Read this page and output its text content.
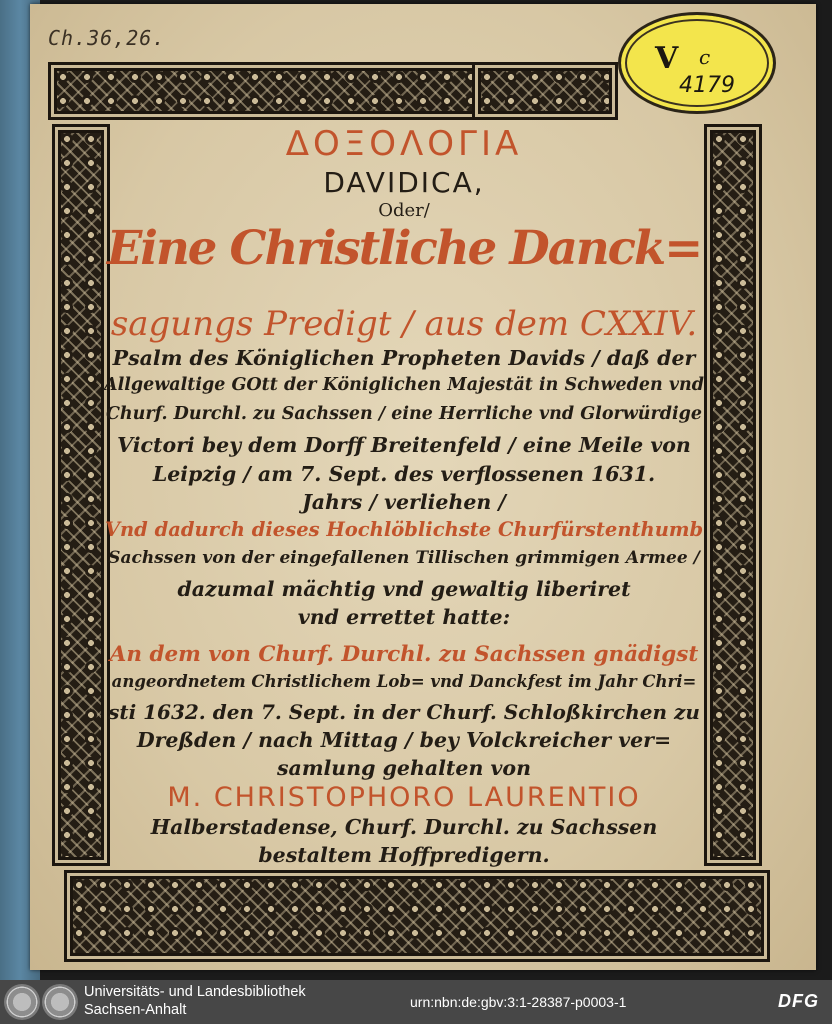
Ch.36,26.
V c
4179
ΔΟΞΟΛΟΓΙΑ
DAVIDICA,
Oder/
Eine Christliche Danck=
sagungs Predigt / aus dem CXXIV.
Psalm des Königlichen Propheten Davids / daß der
Allgewaltige GOtt der Königlichen Majestät in Schweden vnd
Churf. Durchl. zu Sachssen / eine Herrliche vnd Glorwürdige
Victori bey dem Dorff Breitenfeld / eine Meile von
Leipzig / am 7. Sept. des verflossenen 1631.
Jahrs / verliehen /
Vnd dadurch dieses Hochlöblichste Churfürstenthumb
Sachssen von der eingefallenen Tillischen grimmigen Armee /
dazumal mächtig vnd gewaltig liberiret
vnd errettet hatte:
An dem von Churf. Durchl. zu Sachssen gnädigst
angeordnetem Christlichem Lob= vnd Danckfest im Jahr Chri=
sti 1632. den 7. Sept. in der Churf. Schloßkirchen zu
Dreßden / nach Mittag / bey Volckreicher ver=
samlung gehalten von
M. CHRISTOPHORO LAURENTIO
Halberstadense, Churf. Durchl. zu Sachssen
bestaltem Hoffpredigern.
Universitäts- und Landesbibliothek
Sachsen-Anhalt	urn:nbn:de:gbv:3:1-28387-p0003-1	DFG
